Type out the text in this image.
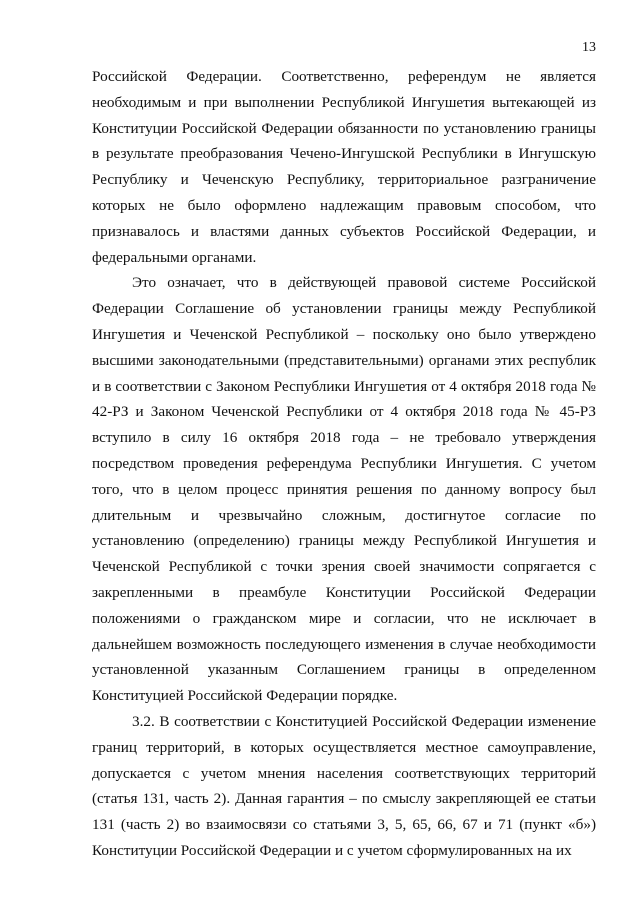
13

Российской Федерации. Соответственно, референдум не является необходимым и при выполнении Республикой Ингушетия вытекающей из Конституции Российской Федерации обязанности по установлению границы в результате преобразования Чечено-Ингушской Республики в Ингушскую Республику и Чеченскую Республику, территориальное разграничение которых не было оформлено надлежащим правовым способом, что признавалось и властями данных субъектов Российской Федерации, и федеральными органами.

Это означает, что в действующей правовой системе Российской Федерации Соглашение об установлении границы между Республикой Ингушетия и Чеченской Республикой – поскольку оно было утверждено высшими законодательными (представительными) органами этих республик и в соответствии с Законом Республики Ингушетия от 4 октября 2018 года № 42-РЗ и Законом Чеченской Республики от 4 октября 2018 года № 45-РЗ вступило в силу 16 октября 2018 года – не требовало утверждения посредством проведения референдума Республики Ингушетия. С учетом того, что в целом процесс принятия решения по данному вопросу был длительным и чрезвычайно сложным, достигнутое согласие по установлению (определению) границы между Республикой Ингушетия и Чеченской Республикой с точки зрения своей значимости сопрягается с закрепленными в преамбуле Конституции Российской Федерации положениями о гражданском мире и согласии, что не исключает в дальнейшем возможность последующего изменения в случае необходимости установленной указанным Соглашением границы в определенном Конституцией Российской Федерации порядке.

3.2. В соответствии с Конституцией Российской Федерации изменение границ территорий, в которых осуществляется местное самоуправление, допускается с учетом мнения населения соответствующих территорий (статья 131, часть 2). Данная гарантия – по смыслу закрепляющей ее статьи 131 (часть 2) во взаимосвязи со статьями 3, 5, 65, 66, 67 и 71 (пункт «б») Конституции Российской Федерации и с учетом сформулированных на их
